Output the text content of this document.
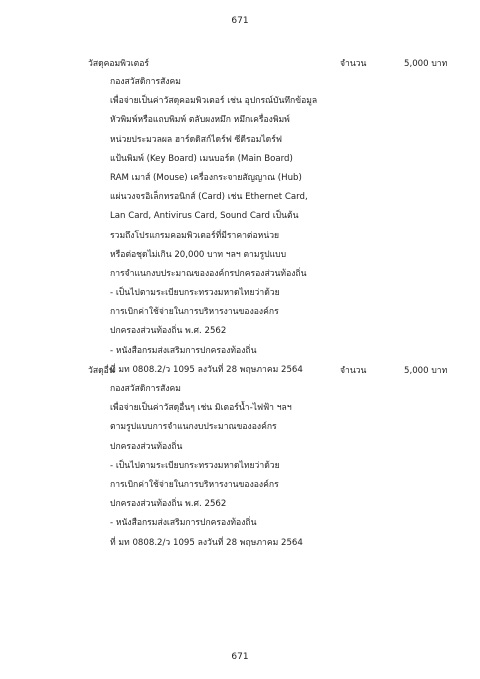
671
วัสดุคอมพิวเตอร์	จำนวน	5,000 บาท
กองสวัสดิการสังคม
เพื่อจ่ายเป็นค่าวัสดุคอมพิวเตอร์ เช่น อุปกรณ์บันทึกข้อมูล
หัวพิมพ์หรือแถบพิมพ์ ตลับผงหมึก หมึกเครื่องพิมพ์
หน่วยประมวลผล ฮาร์ดดิสก์ไดร์ฟ ซีดีรอมไดร์ฟ
แป้นพิมพ์ (Key Board) เมนบอร์ด (Main Board)
RAM เมาส์ (Mouse) เครื่องกระจายสัญญาณ (Hub)
แผ่นวงจรอิเล็กทรอนิกส์ (Card) เช่น Ethernet Card,
Lan Card, Antivirus Card, Sound Card เป็นต้น
รวมถึงโปรแกรมคอมพิวเตอร์ที่มีราคาต่อหน่วย
หรือต่อชุดไม่เกิน 20,000 บาท ฯลฯ ตามรูปแบบ
การจำแนกงบประมาณขององค์กรปกครองส่วนท้องถิ่น
- เป็นไปตามระเบียบกระทรวงมหาดไทยว่าด้วย
การเบิกค่าใช้จ่ายในการบริหารงานขององค์กร
ปกครองส่วนท้องถิ่น พ.ศ. 2562
- หนังสือกรมส่งเสริมการปกครองท้องถิ่น
ที่ มท 0808.2/ว 1095 ลงวันที่ 28 พฤษภาคม 2564
วัสดุอื่น	จำนวน	5,000 บาท
กองสวัสดิการสังคม
เพื่อจ่ายเป็นค่าวัสดุอื่นๆ เช่น มิเตอร์น้ำ-ไฟฟ้า ฯลฯ
ตามรูปแบบการจำแนกงบประมาณขององค์กร
ปกครองส่วนท้องถิ่น
- เป็นไปตามระเบียบกระทรวงมหาดไทยว่าด้วย
การเบิกค่าใช้จ่ายในการบริหารงานขององค์กร
ปกครองส่วนท้องถิ่น พ.ศ. 2562
- หนังสือกรมส่งเสริมการปกครองท้องถิ่น
ที่ มท 0808.2/ว 1095 ลงวันที่ 28 พฤษภาคม 2564
671
